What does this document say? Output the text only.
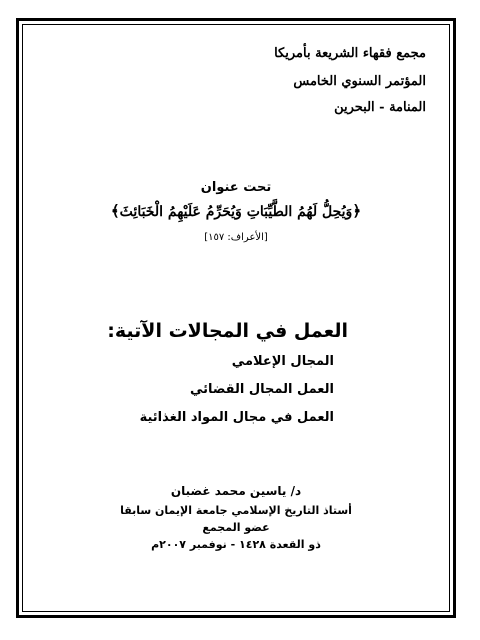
مجمع فقهاء الشريعة بأمريكا
المؤتمر السنوي الخامس
المنامة - البحرين
تحت عنوان
﴿وَيُحِلُّ لَهُمُ الطَّيِّبَاتِ وَيُحَرِّمُ عَلَيْهِمُ الْخَبَائِثَ﴾
[الأعراف: ١٥٧]
العمل في المجالات الآتية:
المجال الإعلامي
العمل المجال القضائي
العمل في مجال المواد الغذائية
د/ ياسين محمد غضبان
أستاذ التاريخ الإسلامي جامعة الإيمان سابقا
عضو المجمع
ذو القعدة ١٤٢٨ - نوفمبر ٢٠٠٧م
